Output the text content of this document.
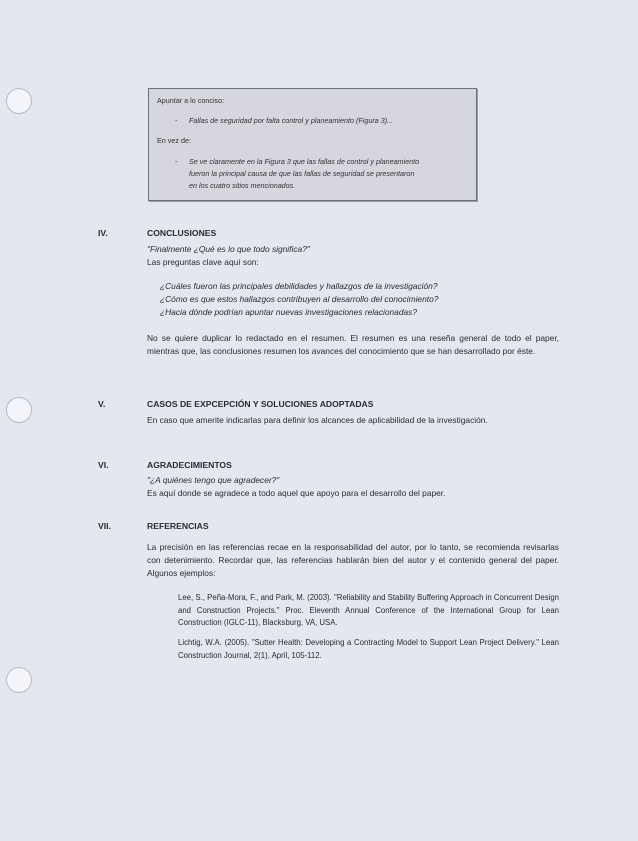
Apuntar a lo conciso:
- Fallas de seguridad por falta control y planeamiento (Figura 3)...
En vez de:
- Se ve claramente en la Figura 3 que las fallas de control y planeamiento
fueron la principal causa de que las fallas de seguridad se presentaron
en los cuatro sitios mencionados.
IV.	CONCLUSIONES
"Finalmente ¿Qué es lo que todo significa?"
Las preguntas clave aquí son:
¿Cuáles fueron las principales debilidades y hallazgos de la investigación?
¿Cómo es que estos hallazgos contribuyen al desarrollo del conocimiento?
¿Hacia dónde podrían apuntar nuevas investigaciones relacionadas?
No se quiere duplicar lo redactado en el resumen. El resumen es una reseña general de todo el paper, mientras que, las conclusiones resumen los avances del conocimiento que se han desarrollado por éste.
V.	CASOS DE EXPCEPCIÓN Y SOLUCIONES ADOPTADAS
En caso que amerite indicarlas para definir los alcances de aplicabilidad de la investigación.
VI.	AGRADECIMIENTOS
"¿A quiénes tengo que agradecer?"
Es aquí donde se agradece a todo aquel que apoyo para el desarrollo del paper.
VII.	REFERENCIAS
La precisión en las referencias recae en la responsabilidad del autor, por lo tanto, se recomienda revisarlas con detenimiento. Recordar que, las referencias hablarán bien del autor y el contenido general del paper. Algunos ejemplos:
Lee, S., Peña-Mora, F., and Park, M. (2003). "Reliability and Stability Buffering Approach in Concurrent Design and Construction Projects." Proc. Eleventh Annual Conference of the International Group for Lean Construction (IGLC-11), Blacksburg, VA, USA.
Lichtig, W.A. (2005). "Sutter Health: Developing a Contracting Model to Support Lean Project Delivery." Lean Construction Journal, 2(1), April, 105-112.
